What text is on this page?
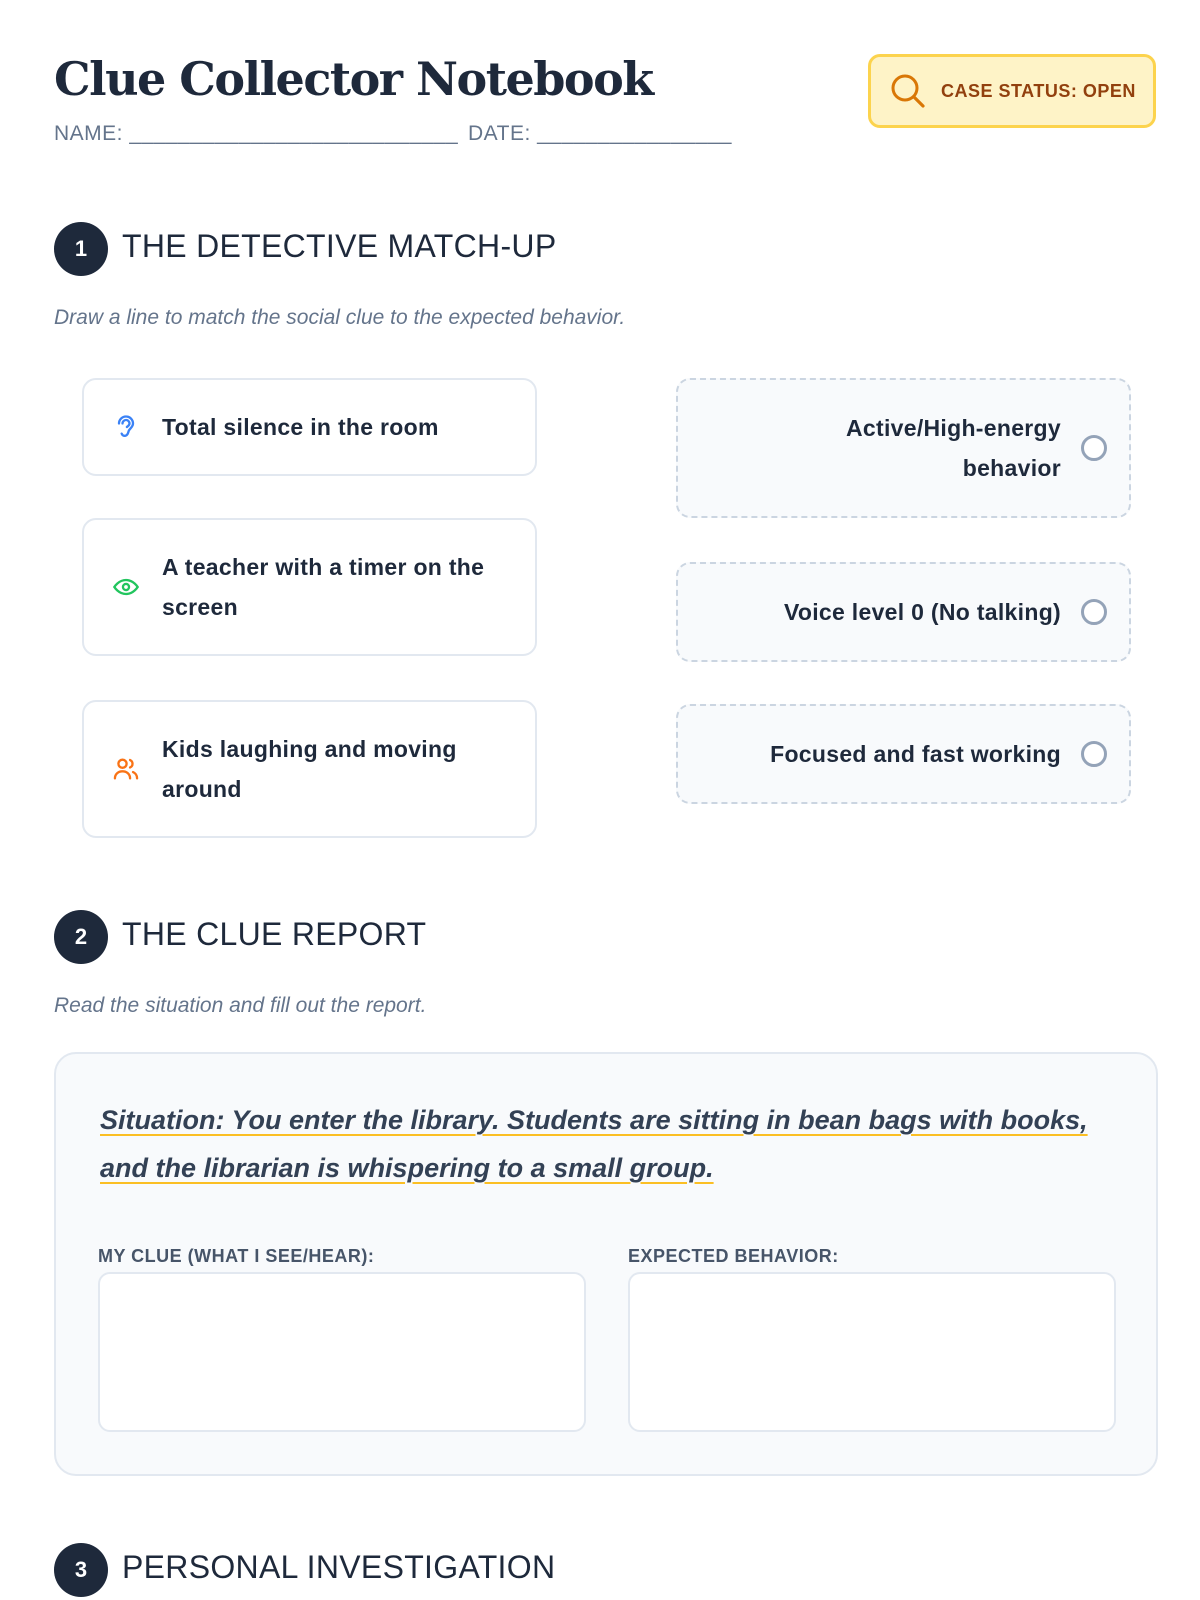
Clue Collector Notebook
NAME: ___________________________ DATE: ________________
CASE STATUS: OPEN
1	THE DETECTIVE MATCH-UP
Draw a line to match the social clue to the expected behavior.
Total silence in the room
A teacher with a timer on the screen
Kids laughing and moving around
Active/High-energy behavior
Voice level 0 (No talking)
Focused and fast working
2	THE CLUE REPORT
Read the situation and fill out the report.
Situation: You enter the library. Students are sitting in bean bags with books, and the librarian is whispering to a small group.
MY CLUE (WHAT I SEE/HEAR):	EXPECTED BEHAVIOR:
3	PERSONAL INVESTIGATION
